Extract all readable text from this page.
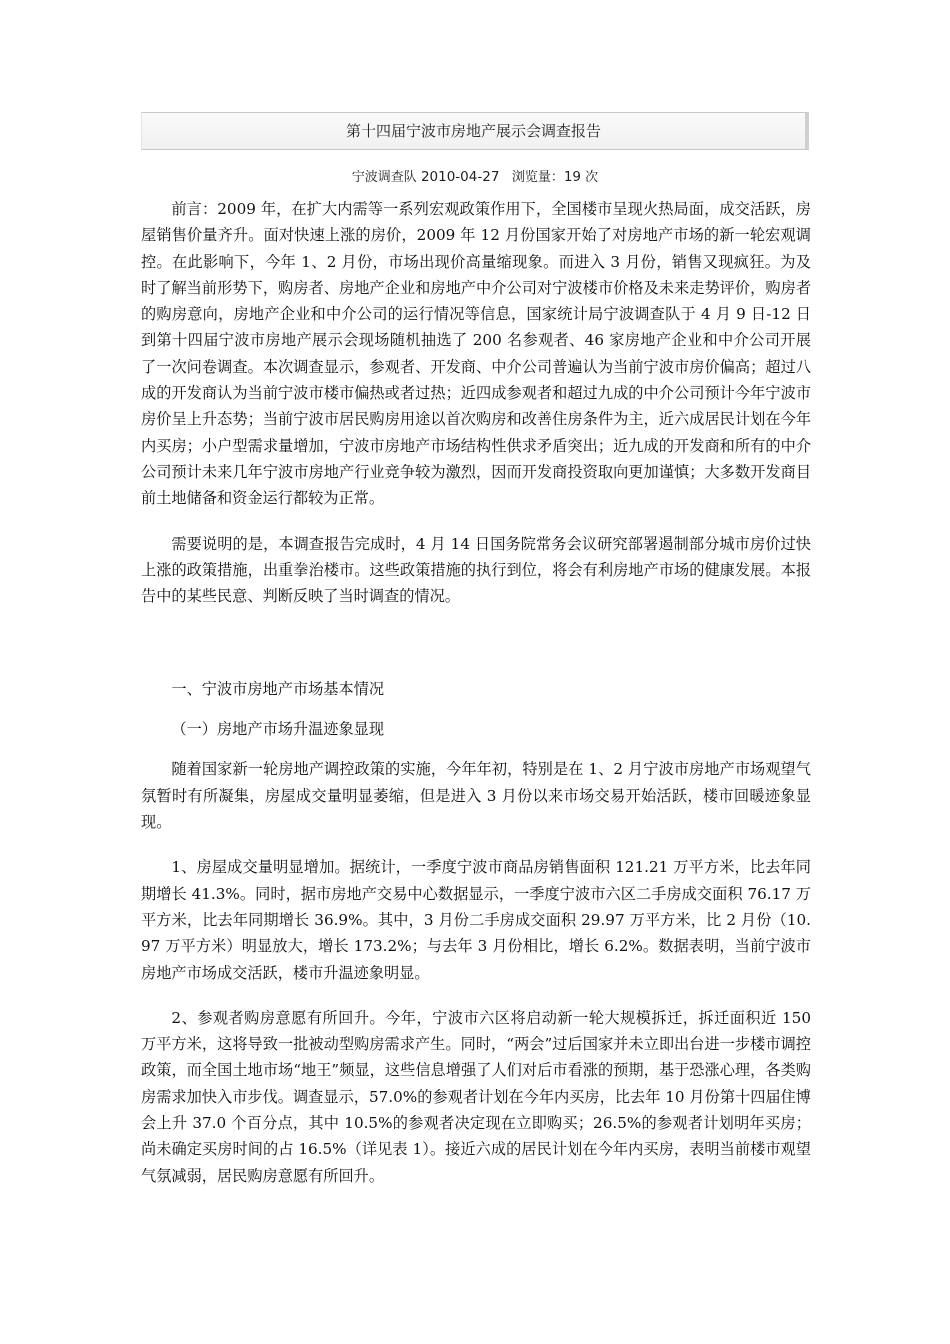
第十四届宁波市房地产展示会调查报告
宁波调查队 2010-04-27 浏览量：19 次

前言：2009 年，在扩大内需等一系列宏观政策作用下，全国楼市呈现火热局面，成交活跃，房屋销售价量齐升。面对快速上涨的房价，2009 年 12 月份国家开始了对房地产市场的新一轮宏观调控。在此影响下，今年 1、2 月份，市场出现价高量缩现象。而进入 3 月份，销售又现疯狂。为及时了解当前形势下，购房者、房地产企业和房地产中介公司对宁波楼市价格及未来走势评价，购房者的购房意向，房地产企业和中介公司的运行情况等信息，国家统计局宁波调查队于 4 月 9 日-12 日到第十四届宁波市房地产展示会现场随机抽选了 200 名参观者、46 家房地产企业和中介公司开展了一次问卷调查。本次调查显示，参观者、开发商、中介公司普遍认为当前宁波市房价偏高；超过八成的开发商认为当前宁波市楼市偏热或者过热；近四成参观者和超过九成的中介公司预计今年宁波市房价呈上升态势；当前宁波市居民购房用途以首次购房和改善住房条件为主，近六成居民计划在今年内买房；小户型需求量增加，宁波市房地产市场结构性供求矛盾突出；近九成的开发商和所有的中介公司预计未来几年宁波市房地产行业竞争较为激烈，因而开发商投资取向更加谨慎；大多数开发商目前土地储备和资金运行都较为正常。

需要说明的是，本调查报告完成时，4 月 14 日国务院常务会议研究部署遏制部分城市房价过快上涨的政策措施，出重拳治楼市。这些政策措施的执行到位，将会有利房地产市场的健康发展。本报告中的某些民意、判断反映了当时调查的情况。

一、宁波市房地产市场基本情况

（一）房地产市场升温迹象显现

随着国家新一轮房地产调控政策的实施，今年年初，特别是在 1、2 月宁波市房地产市场观望气氛暂时有所凝集，房屋成交量明显萎缩，但是进入 3 月份以来市场交易开始活跃，楼市回暖迹象显现。

1、房屋成交量明显增加。据统计，一季度宁波市商品房销售面积 121.21 万平方米，比去年同期增长 41.3%。同时，据市房地产交易中心数据显示，一季度宁波市六区二手房成交面积 76.17 万平方米，比去年同期增长 36.9%。其中，3 月份二手房成交面积 29.97 万平方米，比 2 月份（10.97 万平方米）明显放大，增长 173.2%；与去年 3 月份相比，增长 6.2%。数据表明，当前宁波市房地产市场成交活跃，楼市升温迹象明显。

2、参观者购房意愿有所回升。今年，宁波市六区将启动新一轮大规模拆迁，拆迁面积近 150 万平方米，这将导致一批被动型购房需求产生。同时，“两会”过后国家并未立即出台进一步楼市调控政策，而全国土地市场“地王”频显，这些信息增强了人们对后市看涨的预期，基于恐涨心理，各类购房需求加快入市步伐。调查显示，57.0%的参观者计划在今年内买房，比去年 10 月份第十四届住博会上升 37.0 个百分点，其中 10.5%的参观者决定现在立即购买；26.5%的参观者计划明年买房；尚未确定买房时间的占 16.5%（详见表 1）。接近六成的居民计划在今年内买房，表明当前楼市观望气氛减弱，居民购房意愿有所回升。
